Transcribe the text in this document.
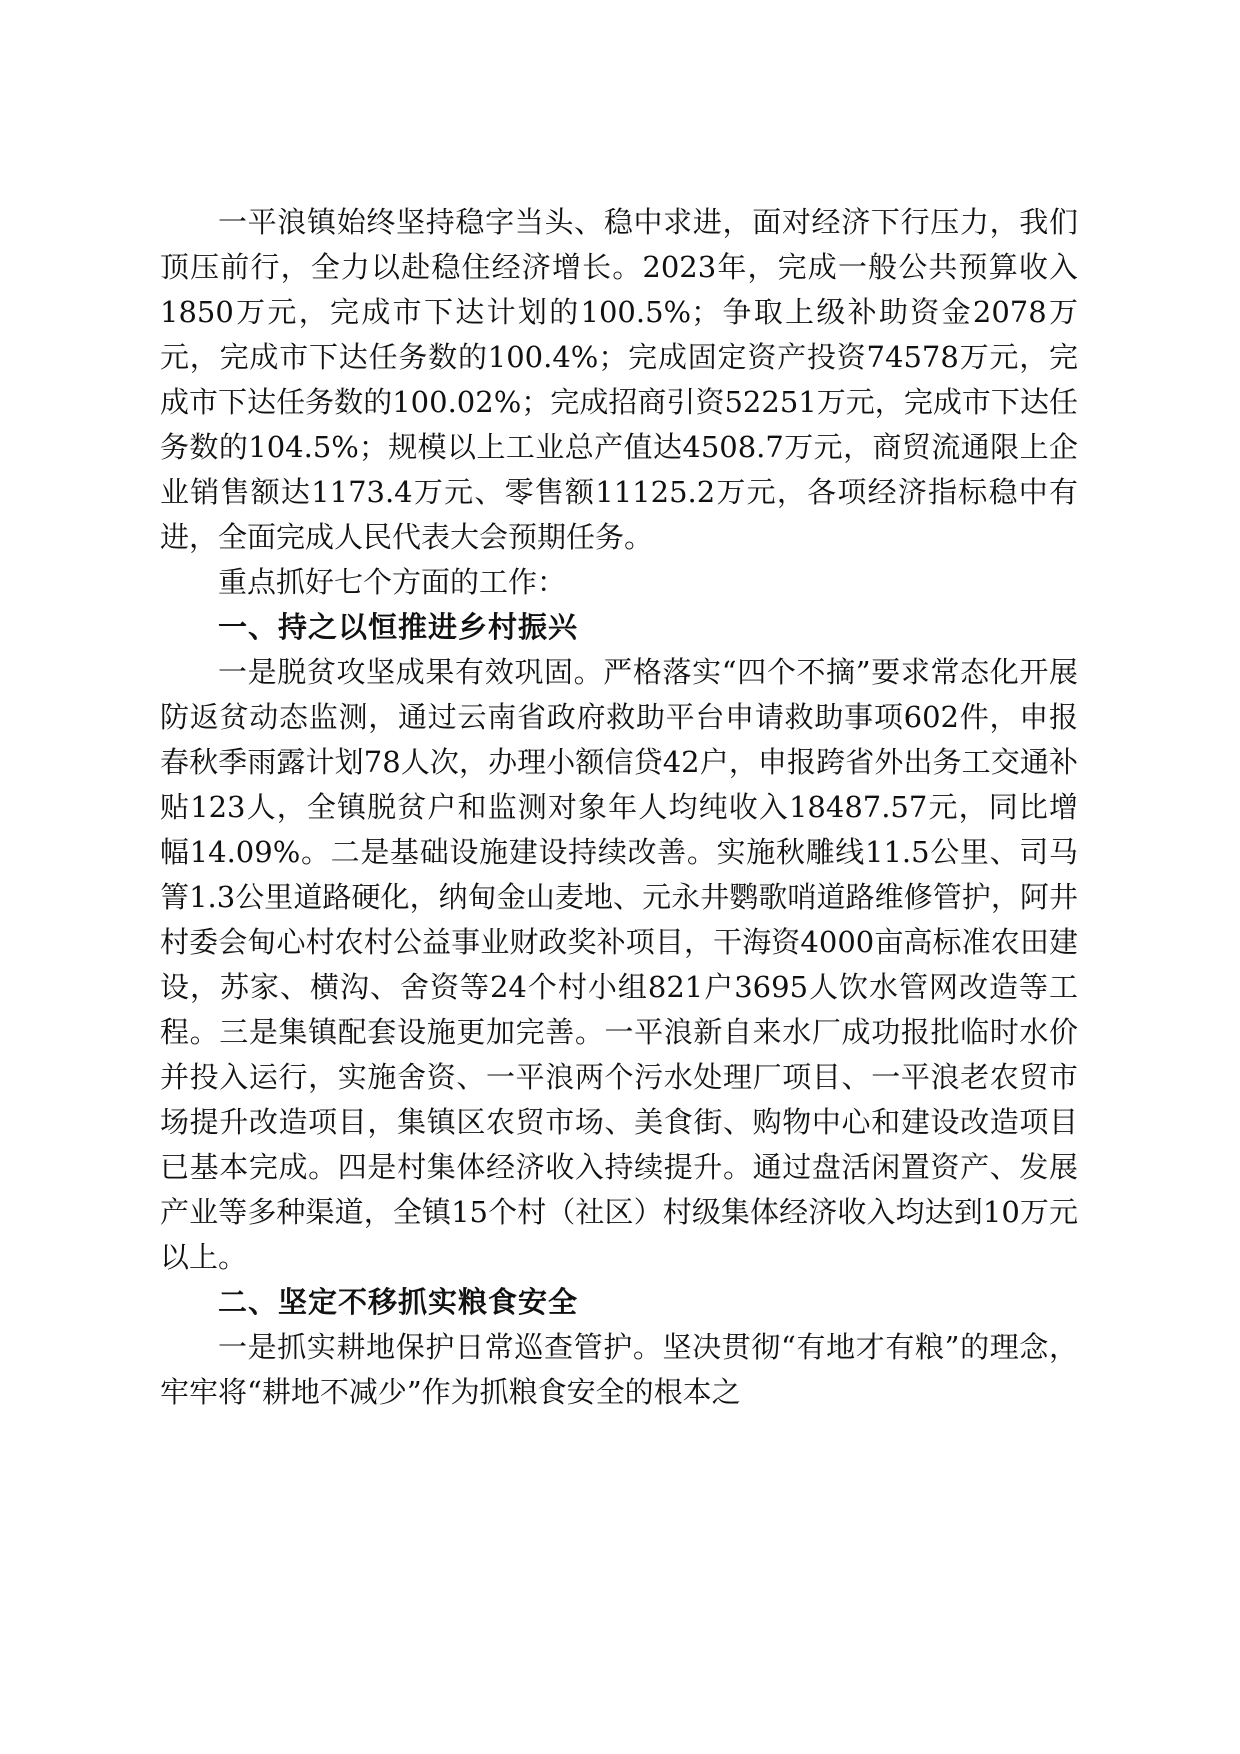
一平浪镇始终坚持稳字当头、稳中求进，面对经济下行压力，我们顶压前行，全力以赴稳住经济增长。2023年，完成一般公共预算收入1850万元，完成市下达计划的100.5%；争取上级补助资金2078万元，完成市下达任务数的100.4%；完成固定资产投资74578万元，完成市下达任务数的100.02%；完成招商引资52251万元，完成市下达任务数的104.5%；规模以上工业总产值达4508.7万元，商贸流通限上企业销售额达1173.4万元、零售额11125.2万元，各项经济指标稳中有进，全面完成人民代表大会预期任务。

重点抓好七个方面的工作：

一、持之以恒推进乡村振兴

一是脱贫攻坚成果有效巩固。严格落实“四个不摘”要求常态化开展防返贫动态监测，通过云南省政府救助平台申请救助事项602件，申报春秋季雨露计划78人次，办理小额信贷42户，申报跨省外出务工交通补贴123人，全镇脱贫户和监测对象年人均纯收入18487.57元，同比增幅14.09%。二是基础设施建设持续改善。实施秋雕线11.5公里、司马箐1.3公里道路硬化，纳甸金山麦地、元永井鹦歌哨道路维修管护，阿井村委会甸心村农村公益事业财政奖补项目，干海资4000亩高标准农田建设，苏家、横沟、舍资等24个村小组821户3695人饮水管网改造等工程。三是集镇配套设施更加完善。一平浪新自来水厂成功报批临时水价并投入运行，实施舍资、一平浪两个污水处理厂项目、一平浪老农贸市场提升改造项目，集镇区农贸市场、美食街、购物中心和建设改造项目已基本完成。四是村集体经济收入持续提升。通过盘活闲置资产、发展产业等多种渠道，全镇15个村（社区）村级集体经济收入均达到10万元以上。

二、坚定不移抓实粮食安全

一是抓实耕地保护日常巡查管护。坚决贯彻“有地才有粮”的理念，牢牢将“耕地不减少”作为抓粮食安全的根本之
